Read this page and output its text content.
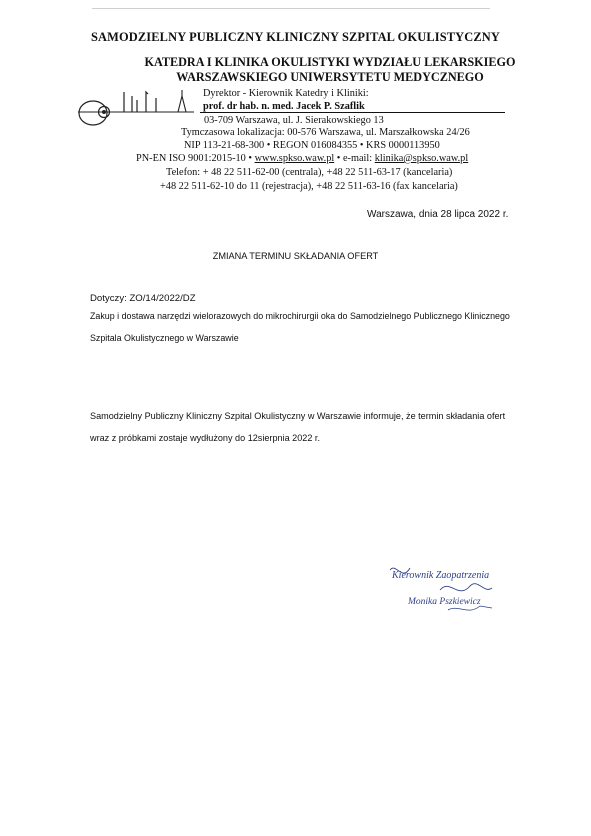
SAMODZIELNY PUBLICZNY KLINICZNY SZPITAL OKULISTYCZNY
KATEDRA I KLINIKA OKULISTYKI WYDZIAŁU LEKARSKIEGO
WARSZAWSKIEGO UNIWERSYTETU MEDYCZNEGO
Dyrektor - Kierownik Katedry i Kliniki:
prof. dr hab. n. med. Jacek P. Szaflik
03-709 Warszawa, ul. J. Sierakowskiego 13
Tymczasowa lokalizacja: 00-576 Warszawa, ul. Marszałkowska 24/26
NIP 113-21-68-300 • REGON 016084355 • KRS 0000113950
PN-EN ISO 9001:2015-10 • www.spkso.waw.pl • e-mail: klinika@spkso.waw.pl
Telefon: + 48 22 511-62-00 (centrala), +48 22 511-63-17 (kancelaria)
+48 22 511-62-10 do 11 (rejestracja), +48 22 511-63-16 (fax kancelaria)
Warszawa, dnia 28 lipca 2022 r.
ZMIANA TERMINU SKŁADANIA OFERT
Dotyczy: ZO/14/2022/DZ
Zakup i dostawa narzędzi wielorazowych do mikrochirurgii oka do Samodzielnego Publicznego Klinicznego
Szpitala Okulistycznego w Warszawie
Samodzielny Publiczny Kliniczny Szpital Okulistyczny w Warszawie informuje, że termin składania ofert
wraz z próbkami zostaje wydłużony do 12sierpnia 2022 r.
Kierownik Zaopatrzenia
Monika Pszkiewicz
